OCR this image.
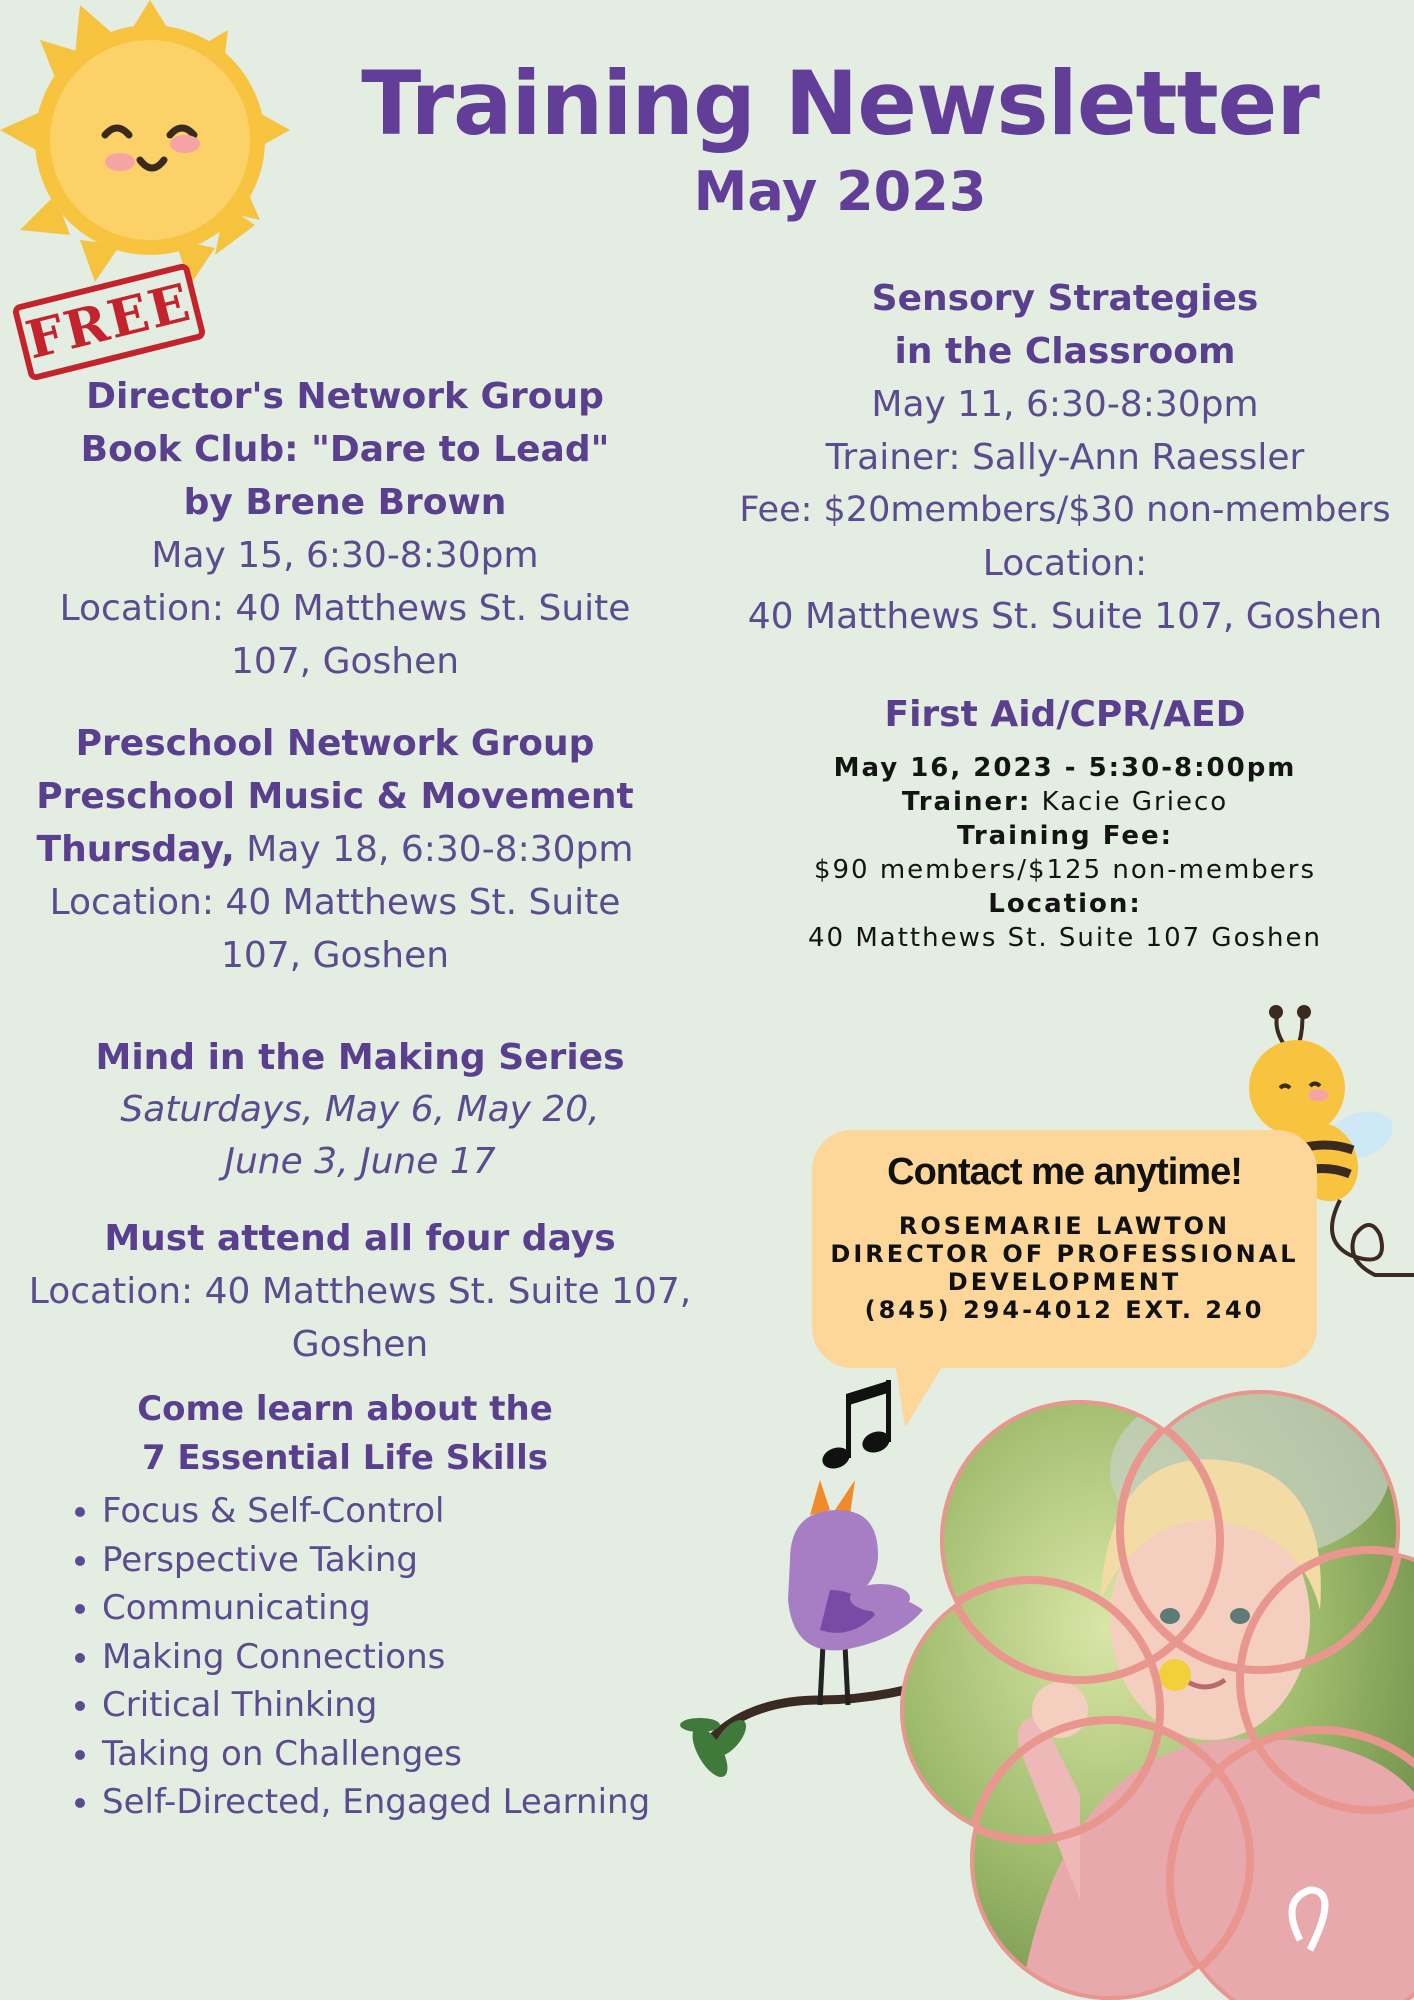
FREE
Training Newsletter
May 2023
Director's Network Group
Book Club: "Dare to Lead"
by Brene Brown
May 15, 6:30-8:30pm
Location: 40 Matthews St. Suite
107, Goshen
Preschool Network Group
Preschool Music & Movement
Thursday, May 18, 6:30-8:30pm
Location: 40 Matthews St. Suite
107, Goshen
Mind in the Making Series
Saturdays, May 6, May 20,
June 3, June 17
Must attend all four days
Location: 40 Matthews St. Suite 107,
Goshen
Come learn about the
7 Essential Life Skills
• Focus & Self-Control
• Perspective Taking
• Communicating
• Making Connections
• Critical Thinking
• Taking on Challenges
• Self-Directed, Engaged Learning
Sensory Strategies
in the Classroom
May 11, 6:30-8:30pm
Trainer: Sally-Ann Raessler
Fee: $20members/$30 non-members
Location:
40 Matthews St. Suite 107, Goshen
First Aid/CPR/AED
May 16, 2023 - 5:30-8:00pm
Trainer: Kacie Grieco
Training Fee:
$90 members/$125 non-members
Location:
40 Matthews St. Suite 107 Goshen
Contact me anytime!
ROSEMARIE LAWTON
DIRECTOR OF PROFESSIONAL
DEVELOPMENT
(845) 294-4012 EXT. 240
